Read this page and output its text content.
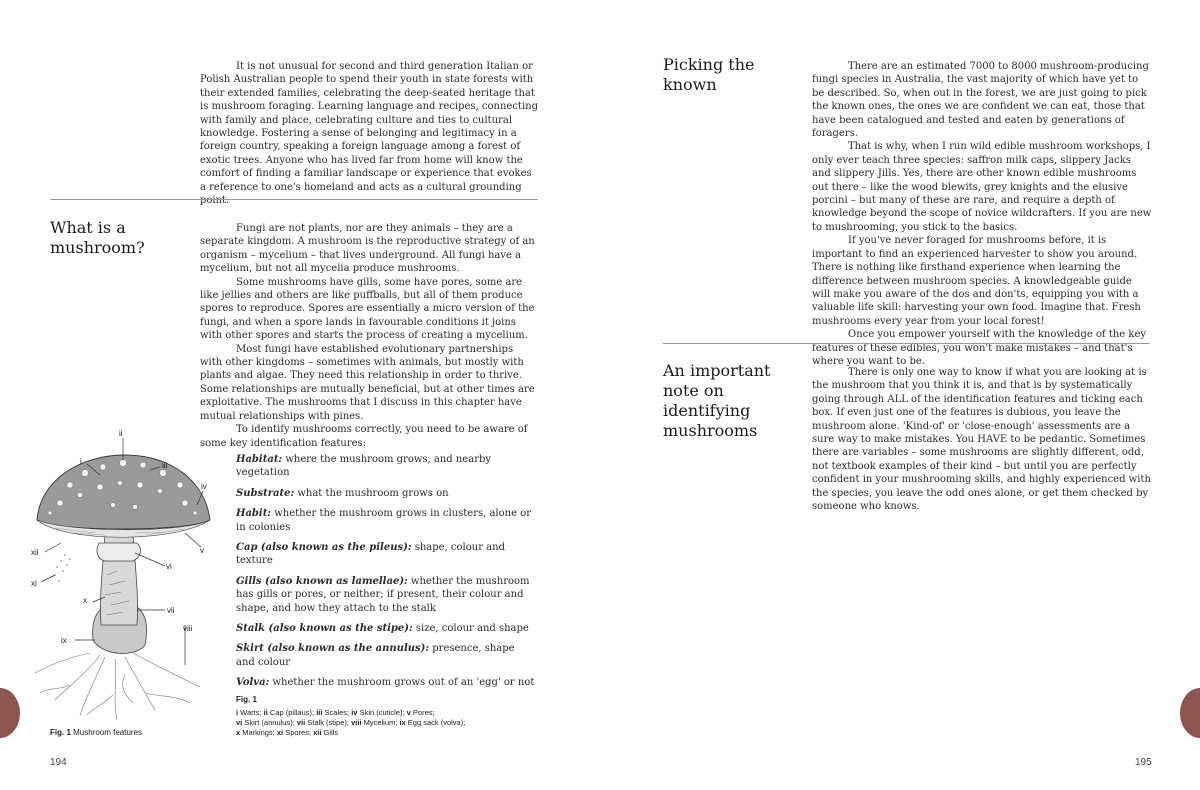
It is not unusual for second and third generation Italian or Polish Australian people to spend their youth in state forests with their extended families, celebrating the deep-seated heritage that is mushroom foraging. Learning language and recipes, connecting with family and place, celebrating culture and ties to cultural knowledge. Fostering a sense of belonging and legitimacy in a foreign country, speaking a foreign language among a forest of exotic trees. Anyone who has lived far from home will know the comfort of finding a familiar landscape or experience that evokes a reference to one's homeland and acts as a cultural grounding point.

What is a
mushroom?

Fungi are not plants, nor are they animals – they are a separate kingdom. A mushroom is the reproductive strategy of an organism – mycelium – that lives underground. All fungi have a mycelium, but not all mycelia produce mushrooms.

Some mushrooms have gills, some have pores, some are like jellies and others are like puffballs, but all of them produce spores to reproduce. Spores are essentially a micro version of the fungi, and when a spore lands in favourable conditions it joins with other spores and starts the process of creating a mycelium.

Most fungi have established evolutionary partnerships with other kingdoms – sometimes with animals, but mostly with plants and algae. They need this relationship in order to thrive. Some relationships are mutually beneficial, but at other times are exploitative. The mushrooms that I discuss in this chapter have mutual relationships with pines.

To identify mushrooms correctly, you need to be aware of some key identification features:

ii
i	iii
iv
v
vi
vii
viii
ix
x
xi
xii
Habitat: where the mushroom grows, and nearby vegetation
Substrate: what the mushroom grows on
Habit: whether the mushroom grows in clusters, alone or in colonies
Cap (also known as the pileus): shape, colour and texture
Gills (also known as lamellae): whether the mushroom has gills or pores, or neither; if present, their colour and shape, and how they attach to the stalk
Stalk (also known as the stipe): size, colour and shape
Skirt (also known as the annulus): presence, shape and colour
Volva: whether the mushroom grows out of an 'egg' or not
Fig. 1 Mushroom features
Fig. 1
i Warts; ii Cap (pillaus); iii Scales; iv Skin (cuticle); v Pores;
vi Skirt (annulus); vii Stalk (stipe); viii Mycelium; ix Egg sack (volva);
x Markings; xi Spores; xii Gills
194
Picking the
known

There are an estimated 7000 to 8000 mushroom-producing fungi species in Australia, the vast majority of which have yet to be described. So, when out in the forest, we are just going to pick the known ones, the ones we are confident we can eat, those that have been catalogued and tested and eaten by generations of foragers.

That is why, when I run wild edible mushroom workshops, I only ever teach three species: saffron milk caps, slippery Jacks and slippery Jills. Yes, there are other known edible mushrooms out there – like the wood blewits, grey knights and the elusive porcini – but many of these are rare, and require a depth of knowledge beyond the scope of novice wildcrafters. If you are new to mushrooming, you stick to the basics.

If you've never foraged for mushrooms before, it is important to find an experienced harvester to show you around. There is nothing like firsthand experience when learning the difference between mushroom species. A knowledgeable guide will make you aware of the dos and don'ts, equipping you with a valuable life skill: harvesting your own food. Imagine that. Fresh mushrooms every year from your local forest!

Once you empower yourself with the knowledge of the key features of these edibles, you won't make mistakes – and that's where you want to be.

An important
note on
identifying
mushrooms

There is only one way to know if what you are looking at is the mushroom that you think it is, and that is by systematically going through ALL of the identification features and ticking each box. If even just one of the features is dubious, you leave the mushroom alone. 'Kind-of' or 'close-enough' assessments are a sure way to make mistakes. You HAVE to be pedantic. Sometimes there are variables – some mushrooms are slightly different, odd, not textbook examples of their kind – but until you are perfectly confident in your mushrooming skills, and highly experienced with the species, you leave the odd ones alone, or get them checked by someone who knows.

195
